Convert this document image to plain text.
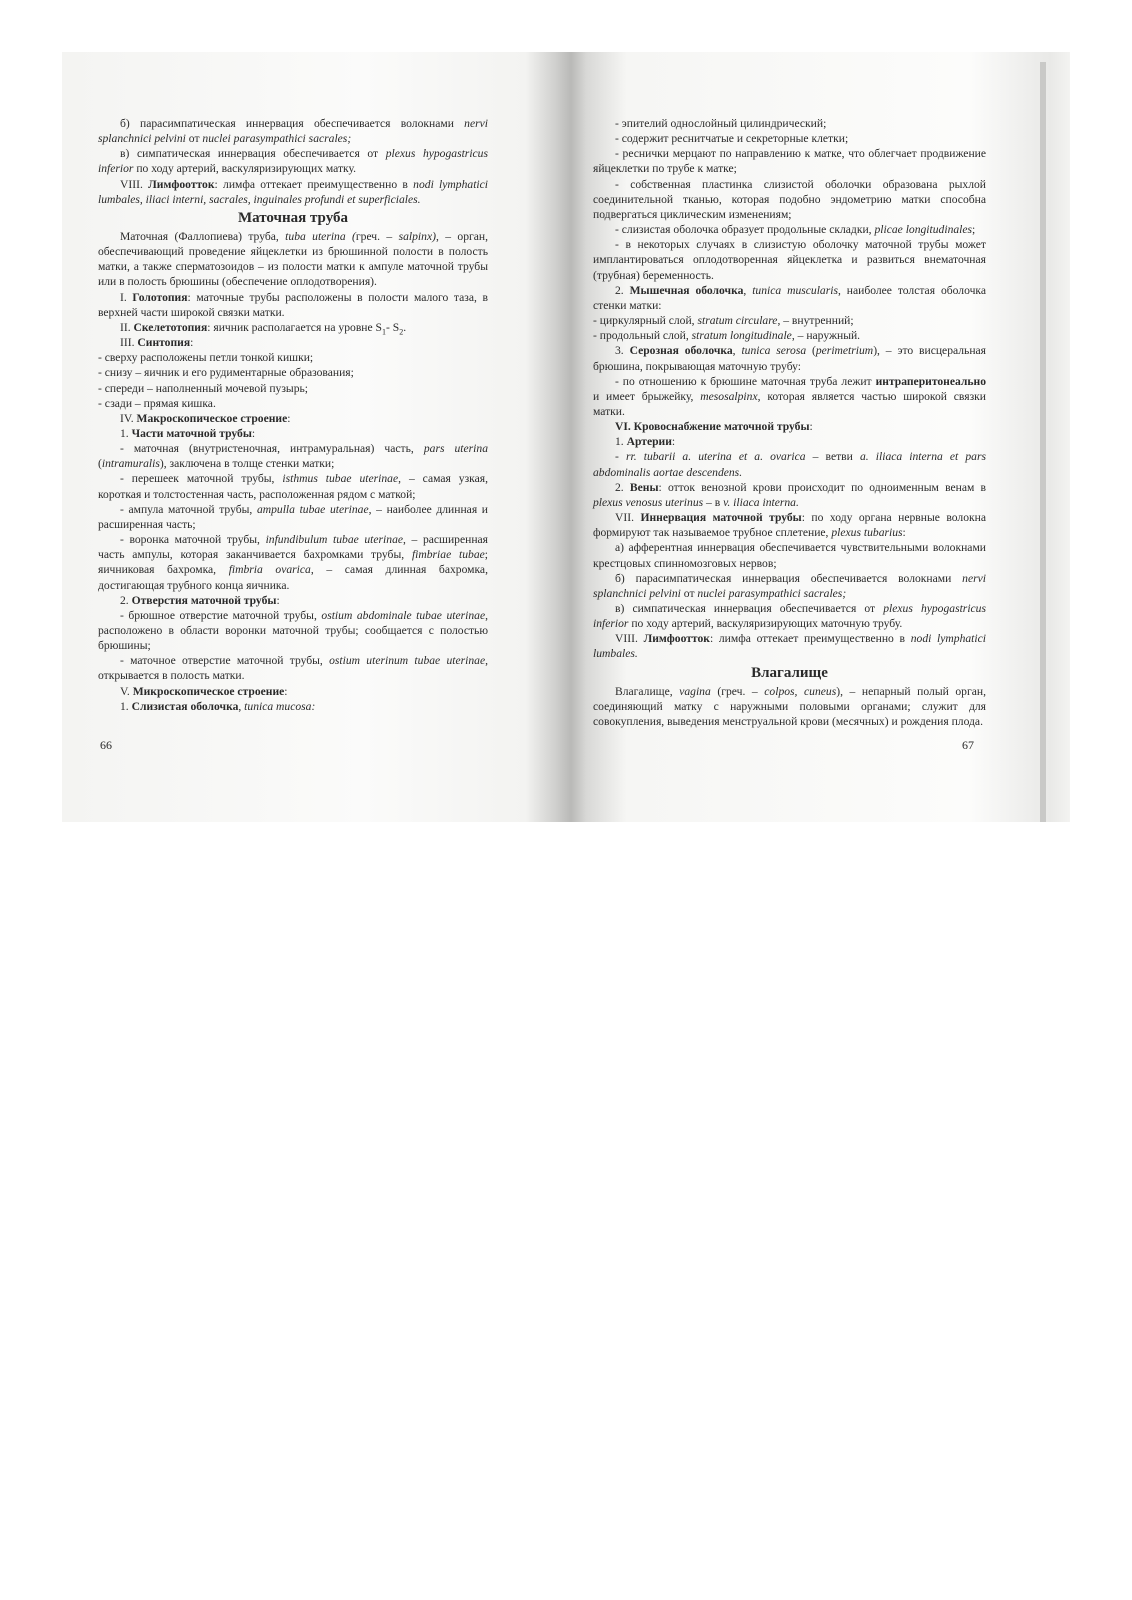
б) парасимпатическая иннервация обеспечивается волокнами nervi splanchnici pelvini от nuclei parasympathici sacrales;

в) симпатическая иннервация обеспечивается от plexus hypogastricus inferior по ходу артерий, васкуляризирующих матку.

VIII. Лимфоотток: лимфа оттекает преимущественно в nodi lymphatici lumbales, iliaci interni, sacrales, inguinales profundi et superficiales.

Маточная труба

Маточная (Фаллопиева) труба, tuba uterina (греч. – salpinx), – орган, обеспечивающий проведение яйцеклетки из брюшинной полости в полость матки, а также сперматозоидов – из полости матки к ампуле маточной трубы или в полость брюшины (обеспечение оплодотворения).

I. Голотопия: маточные трубы расположены в полости малого таза, в верхней части широкой связки матки.

II. Скелетотопия: яичник располагается на уровне $S_1-$ $S_2$.

III. Синтопия:

- сверху расположены петли тонкой кишки;

- снизу – яичник и его рудиментарные образования;

- спереди – наполненный мочевой пузырь;

- сзади – прямая кишка.

IV. Макроскопическое строение:

1. Части маточной трубы:

- маточная (внутристеночная, интрамуральная) часть, pars uterina (intramuralis), заключена в толще стенки матки;

- перешеек маточной трубы, isthmus tubae uterinae, – самая узкая, короткая и толстостенная часть, расположенная рядом с маткой;

- ампула маточной трубы, ampulla tubae uterinae, – наиболее длинная и расширенная часть;

- воронка маточной трубы, infundibulum tubae uterinae, – расширенная часть ампулы, которая заканчивается бахромками трубы, fimbriae tubae; яичниковая бахромка, fimbria ovarica, – самая длинная бахромка, достигающая трубного конца яичника.

2. Отверстия маточной трубы:

- брюшное отверстие маточной трубы, ostium abdominale tubae uterinae, расположено в области воронки маточной трубы; сообщается с полостью брюшины;

- маточное отверстие маточной трубы, ostium uterinum tubae uterinae, открывается в полость матки.

V. Микроскопическое строение:

1. Слизистая оболочка, tunica mucosa:

66

- эпителий однослойный цилиндрический;

- содержит реснитчатые и секреторные клетки;

- реснички мерцают по направлению к матке, что облегчает продвижение яйцеклетки по трубе к матке;

- собственная пластинка слизистой оболочки образована рыхлой соединительной тканью, которая подобно эндометрию матки способна подвергаться циклическим изменениям;

- слизистая оболочка образует продольные складки, plicae longitudinales;

- в некоторых случаях в слизистую оболочку маточной трубы может имплантироваться оплодотворенная яйцеклетка и развиться внематочная (трубная) беременность.

2. Мышечная оболочка, tunica muscularis, наиболее толстая оболочка стенки матки:

- циркулярный слой, stratum circulare, – внутренний;

- продольный слой, stratum longitudinale, – наружный.

3. Серозная оболочка, tunica serosa (perimetrium), – это висцеральная брюшина, покрывающая маточную трубу:

- по отношению к брюшине маточная труба лежит интраперитонеально и имеет брыжейку, mesosalpinx, которая является частью широкой связки матки.

VI. Кровоснабжение маточной трубы:

1. Артерии:

- rr. tubarii a. uterina et a. ovarica – ветви a. iliaca interna et pars abdominalis aortae descendens.

2. Вены: отток венозной крови происходит по одноименным венам в plexus venosus uterinus – в v. iliaca interna.

VII. Иннервация маточной трубы: по ходу органа нервные волокна формируют так называемое трубное сплетение, plexus tubarius:

а) афферентная иннервация обеспечивается чувствительными волокнами крестцовых спинномозговых нервов;

б) парасимпатическая иннервация обеспечивается волокнами nervi splanchnici pelvini от nuclei parasympathici sacrales;

в) симпатическая иннервация обеспечивается от plexus hypogastricus inferior по ходу артерий, васкуляризирующих маточную трубу.

VIII. Лимфоотток: лимфа оттекает преимущественно в nodi lymphatici lumbales.

Влагалище

Влагалище, vagina (греч. – colpos, cuneus), – непарный полый орган, соединяющий матку с наружными половыми органами; служит для совокупления, выведения менструальной крови (месячных) и рождения плода.

67
